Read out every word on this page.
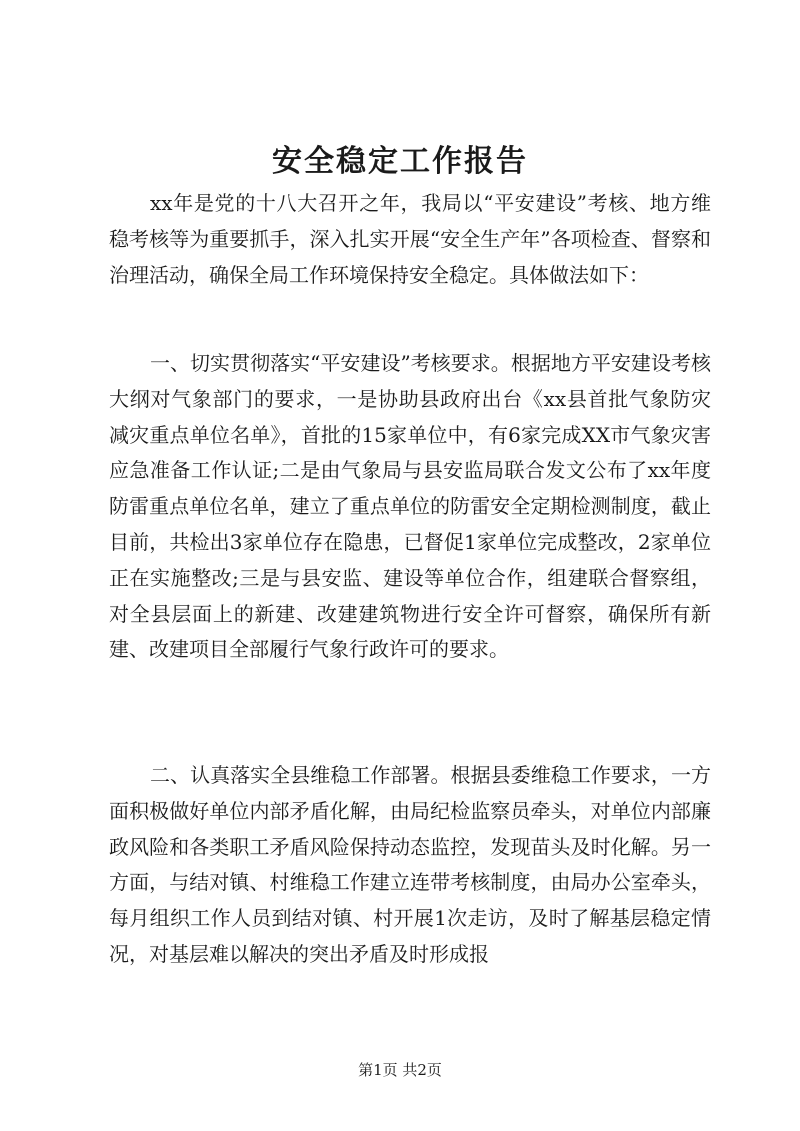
安全稳定工作报告

xx年是党的十八大召开之年，我局以“平安建设”考核、地方维稳考核等为重要抓手，深入扎实开展“安全生产年”各项检查、督察和治理活动，确保全局工作环境保持安全稳定。具体做法如下：

一、切实贯彻落实“平安建设”考核要求。根据地方平安建设考核大纲对气象部门的要求，一是协助县政府出台《xx县首批气象防灾减灾重点单位名单》，首批的15家单位中，有6家完成XX市气象灾害应急准备工作认证;二是由气象局与县安监局联合发文公布了xx年度防雷重点单位名单，建立了重点单位的防雷安全定期检测制度，截止目前，共检出3家单位存在隐患，已督促1家单位完成整改，2家单位正在实施整改;三是与县安监、建设等单位合作，组建联合督察组，对全县层面上的新建、改建建筑物进行安全许可督察，确保所有新建、改建项目全部履行气象行政许可的要求。

二、认真落实全县维稳工作部署。根据县委维稳工作要求，一方面积极做好单位内部矛盾化解，由局纪检监察员牵头，对单位内部廉政风险和各类职工矛盾风险保持动态监控，发现苗头及时化解。另一方面，与结对镇、村维稳工作建立连带考核制度，由局办公室牵头，每月组织工作人员到结对镇、村开展1次走访，及时了解基层稳定情况，对基层难以解决的突出矛盾及时形成报

第1页 共2页
